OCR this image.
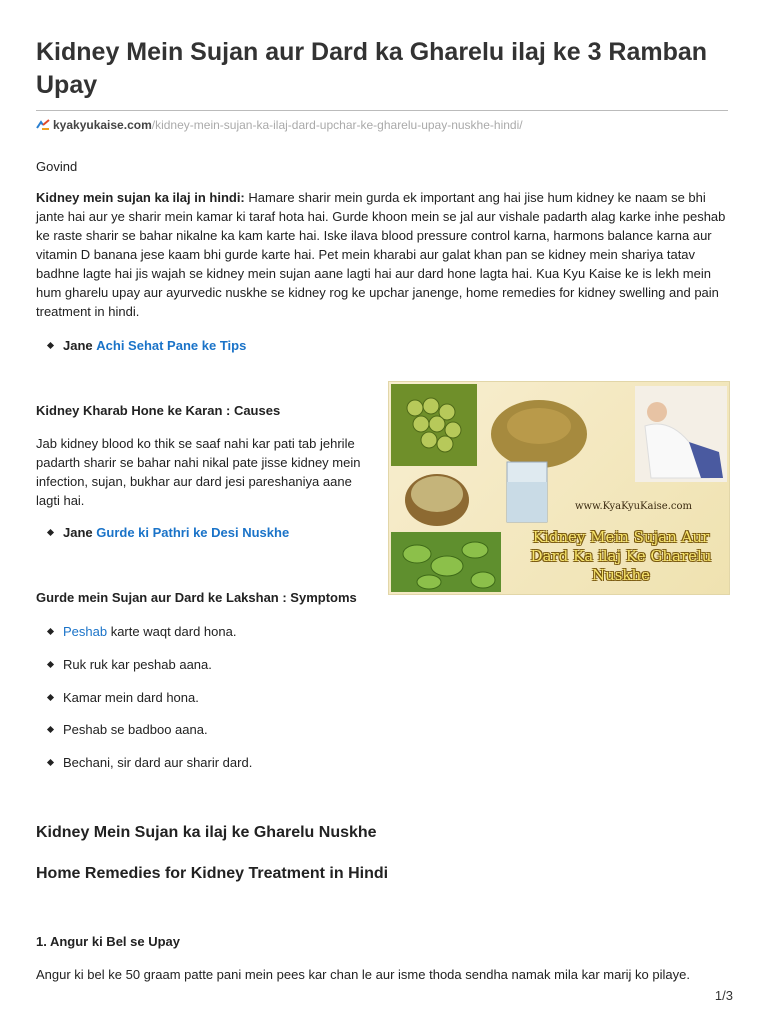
Kidney Mein Sujan aur Dard ka Gharelu ilaj ke 3 Ramban Upay
kyakyukaise.com/kidney-mein-sujan-ka-ilaj-dard-upchar-ke-gharelu-upay-nuskhe-hindi/

Govind

Kidney mein sujan ka ilaj in hindi: Hamare sharir mein gurda ek important ang hai jise hum kidney ke naam se bhi jante hai aur ye sharir mein kamar ki taraf hota hai. Gurde khoon mein se jal aur vishale padarth alag karke inhe peshab ke raste sharir se bahar nikalne ka kam karte hai. Iske ilava blood pressure control karna, harmons balance karna aur vitamin D banana jese kaam bhi gurde karte hai. Pet mein kharabi aur galat khan pan se kidney mein shariya tatav badhne lagte hai jis wajah se kidney mein sujan aane lagti hai aur dard hone lagta hai. Kua Kyu Kaise ke is lekh mein hum gharelu upay aur ayurvedic nuskhe se kidney rog ke upchar janenge, home remedies for kidney swelling and pain treatment in hindi.

Jane Achi Sehat Pane ke Tips
Kidney Kharab Hone ke Karan : Causes

Jab kidney blood ko thik se saaf nahi kar pati tab jehrile padarth sharir se bahar nahi nikal pate jisse kidney mein infection, sujan, bukhar aur dard jesi pareshaniya aane lagti hai.

Jane Gurde ki Pathri ke Desi Nuskhe
Gurde mein Sujan aur Dard ke Lakshan : Symptoms
Peshab karte waqt dard hona.
Ruk ruk kar peshab aana.
Kamar mein dard hona.
Peshab se badboo aana.
Bechani, sir dard aur sharir dard.
Kidney Mein Sujan ka ilaj ke Gharelu Nuskhe
Home Remedies for Kidney Treatment in Hindi
1. Angur ki Bel se Upay

Angur ki bel ke 50 graam patte pani mein pees kar chan le aur isme thoda sendha namak mila kar marij ko pilaye.

www.KyaKyuKaise.com
Kidney Mein Sujan Aur
Dard Ka ilaj Ke Gharelu
Nuskhe
1/3
